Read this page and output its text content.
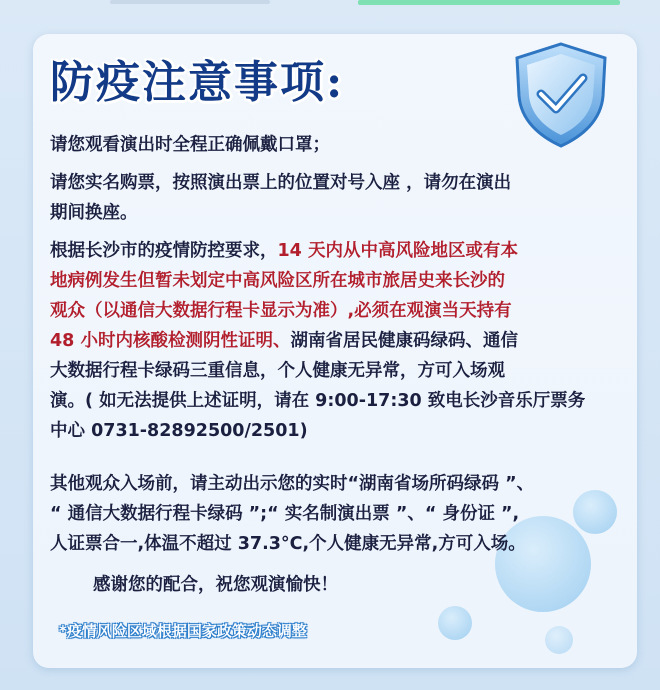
防疫注意事项:

请您观看演出时全程正确佩戴口罩；

请您实名购票，按照演出票上的位置对号入座 ，请勿在演出
期间换座。

根据长沙市的疫情防控要求，14 天内从中高风险地区或有本
地病例发生但暂未划定中高风险区所在城市旅居史来长沙的
观众（以通信大数据行程卡显示为准）,必须在观演当天持有
48 小时内核酸检测阴性证明、湖南省居民健康码绿码、通信
大数据行程卡绿码三重信息，个人健康无异常，方可入场观
演。( 如无法提供上述证明，请在 9:00-17:30 致电长沙音乐厅票务
中心 0731-82892500/2501)

其他观众入场前，请主动出示您的实时“湖南省场所码绿码 ”、
“ 通信大数据行程卡绿码 ”;“ 实名制演出票 ”、“ 身份证 ”,
人证票合一,体温不超过 37.3°C,个人健康无异常,方可入场。

感谢您的配合，祝您观演愉快！

*疫情风险区域根据国家政策动态调整
